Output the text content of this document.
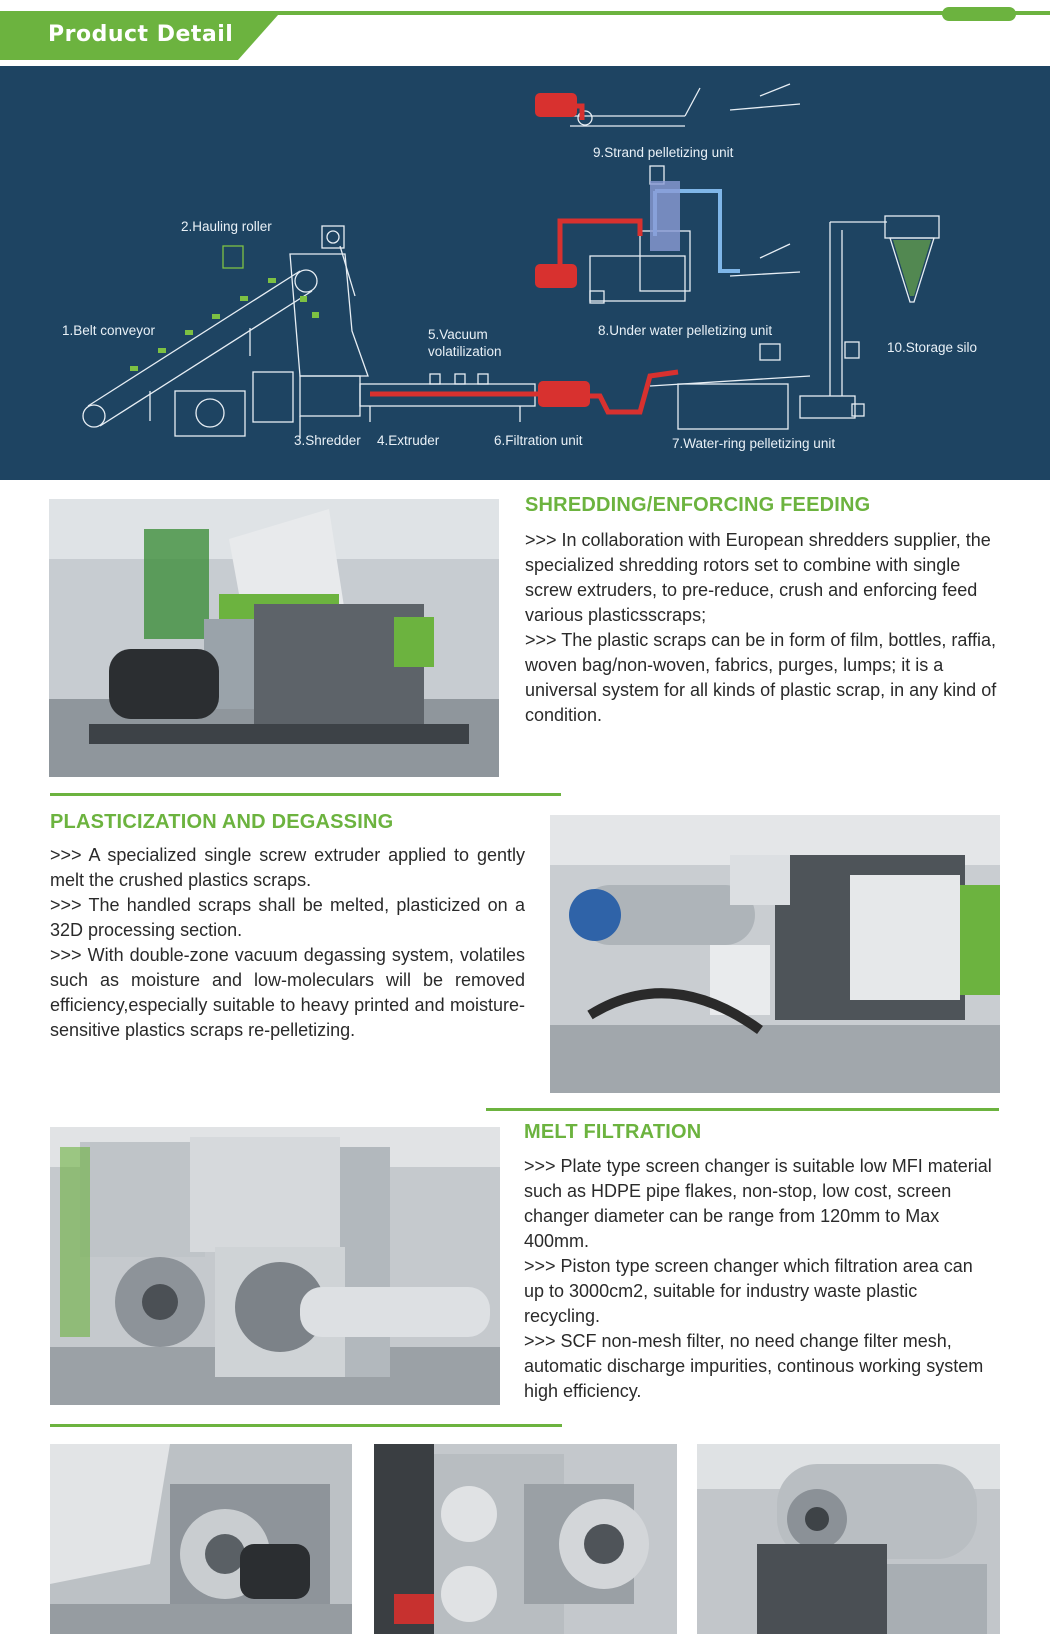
Product Detail
1.Belt conveyor
2.Hauling roller
3.Shredder 4.Extruder
5.Vacuum
volatilization
6.Filtration unit	7.Water-ring pelletizing unit
8.Under water pelletizing unit
9.Strand pelletizing unit
10.Storage silo
SHREDDING/ENFORCING FEEDING

>>> In collaboration with European shredders supplier, the specialized shredding rotors set to combine with single screw extruders, to pre-reduce, crush and enforcing feed various plasticsscraps;

>>> The plastic scraps can be in form of film, bottles, raffia, woven bag/non-woven, fabrics, purges, lumps; it is a universal system for all kinds of plastic scrap, in any kind of condition.

PLASTICIZATION AND DEGASSING

>>> A specialized single screw extruder applied to gently melt the crushed plastics scraps.

>>> The handled scraps shall be melted, plasticized on a 32D processing section.

>>> With double-zone vacuum degassing system, volatiles such as moisture and low-moleculars will be removed efficiency,especially suitable to heavy printed and moisture-sensitive plastics scraps re-pelletizing.

MELT FILTRATION

>>> Plate type screen changer is suitable low MFI material such as HDPE pipe flakes, non-stop, low cost, screen changer diameter can be range from 120mm to Max 400mm.

>>> Piston type screen changer which filtration area can up to 3000cm2, suitable for industry waste plastic recycling.

>>> SCF non-mesh filter, no need change filter mesh, automatic discharge impurities, continous working system high efficiency.
